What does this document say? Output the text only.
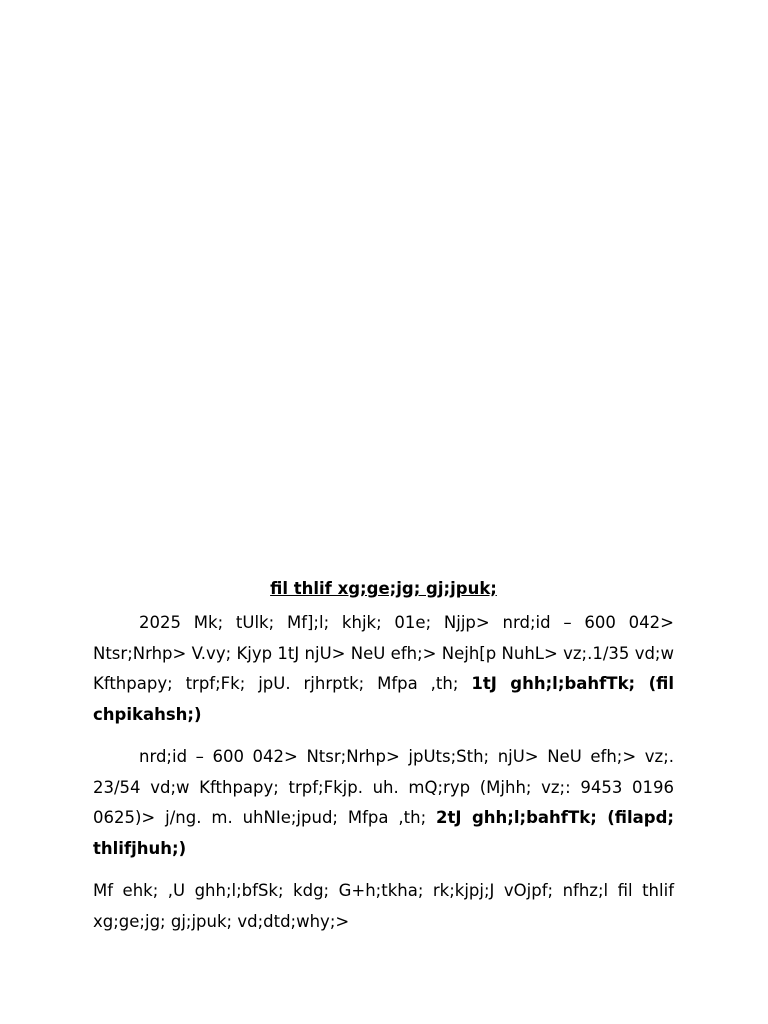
fil thlif xg;ge;jg; gj;jpuk;

2025 Mk; tUlk; Mf];l; khjk; 01e; Njjp> nrd;id – 600 042> Ntsr;Nrhp> V.vy; Kjyp 1tJ njU> NeU efh;> Nejh[p NuhL> vz;.1/35 vd;w Kfthpapy; trpf;Fk; jpU. rjhrptk; Mfpa ,th; 1tJ ghh;l;bahfTk; (fil chpikahsh;)

nrd;id – 600 042> Ntsr;Nrhp> jpUts;Sth; njU> NeU efh;> vz;. 23/54 vd;w Kfthpapy; trpf;Fkjp. uh. mQ;ryp (Mjhh; vz;: 9453 0196 0625)> j/ng. m. uhNIe;jpud; Mfpa ,th; 2tJ ghh;l;bahfTk; (filapd; thlifjhuh;)

Mf ehk; ,U ghh;l;bfSk; kdg; G+h;tkha; rk;kjpj;J vOjpf; nfhz;l fil thlif xg;ge;jg; gj;jpuk; vd;dtd;why;>
